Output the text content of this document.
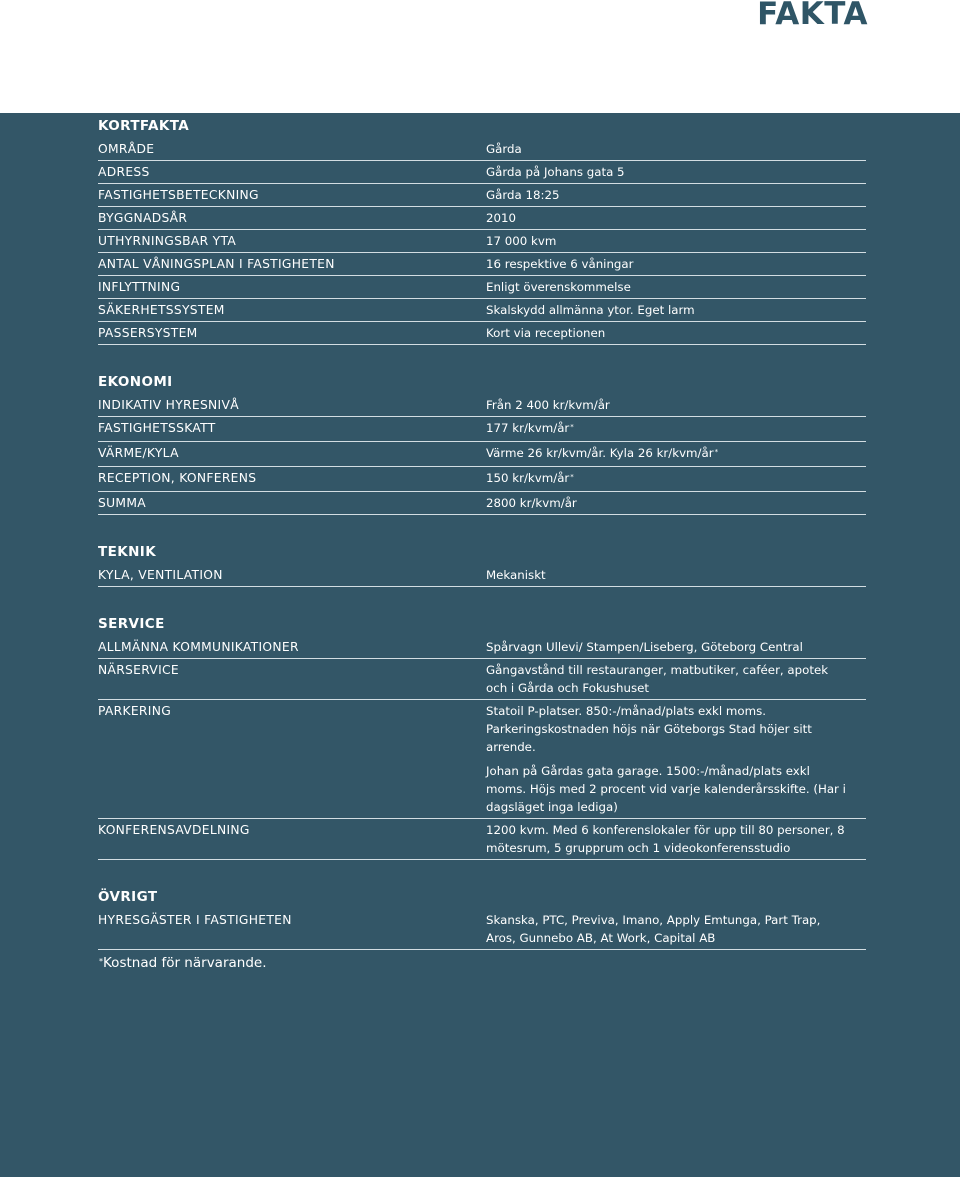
FAKTA
KORTFAKTA
OMRÅDE	Gårda
ADRESS	Gårda på Johans gata 5
FASTIGHETSBETECKNING	Gårda 18:25
BYGGNADSÅR	2010
UTHYRNINGSBAR YTA	17 000 kvm
ANTAL VÅNINGSPLAN I FASTIGHETEN	16 respektive 6 våningar
INFLYTTNING	Enligt överenskommelse
SÄKERHETSSYSTEM	Skalskydd allmänna ytor. Eget larm
PASSERSYSTEM	Kort via receptionen
EKONOMI
INDIKATIV HYRESNIVÅ	Från 2 400 kr/kvm/år
FASTIGHETSSKATT	177 kr/kvm/år*
VÄRME/KYLA	Värme 26 kr/kvm/år. Kyla 26 kr/kvm/år*
RECEPTION, KONFERENS	150 kr/kvm/år*
SUMMA	2800 kr/kvm/år
TEKNIK
KYLA, VENTILATION	Mekaniskt
SERVICE
ALLMÄNNA KOMMUNIKATIONER	Spårvagn Ullevi/ Stampen/Liseberg, Göteborg Central
NÄRSERVICE	Gångavstånd till restauranger, matbutiker, caféer, apotek och i Gårda och Fokushuset
PARKERING	Statoil P-platser. 850:-/månad/plats exkl moms. Parkeringskostnaden höjs när Göteborgs Stad höjer sitt arrende.
Johan på Gårdas gata garage. 1500:-/månad/plats exkl moms. Höjs med 2 procent vid varje kalenderårsskifte. (Har i dagsläget inga lediga)
KONFERENSAVDELNING	1200 kvm. Med 6 konferenslokaler för upp till 80 personer, 8 mötesrum, 5 grupprum och 1 videokonferensstudio
ÖVRIGT
HYRESGÄSTER I FASTIGHETEN	Skanska, PTC, Previva, Imano, Apply Emtunga, Part Trap, Aros, Gunnebo AB, At Work, Capital AB
*Kostnad för närvarande.
